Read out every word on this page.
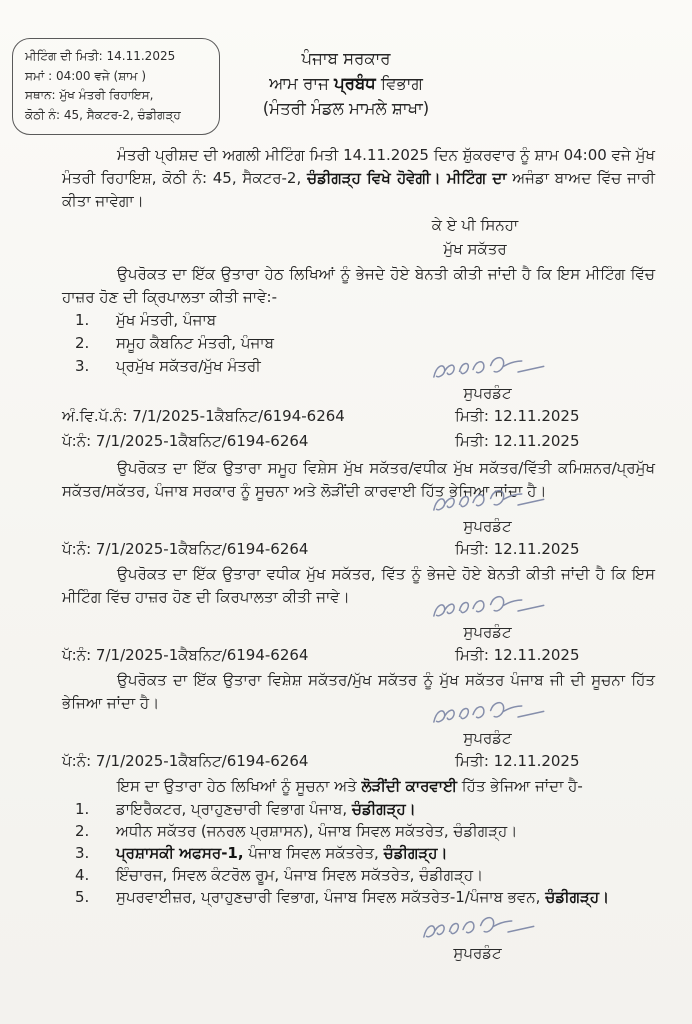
ਮੀਟਿੰਗ ਦੀ ਮਿਤੀ: 14.11.2025
ਸਮਾਂ : 04:00 ਵਜੇ (ਸ਼ਾਮ )
ਸਥਾਨ: ਮੁੱਖ ਮੰਤਰੀ ਰਿਹਾਇਸ,
ਕੋਠੀ ਨੰ: 45, ਸੈਕਟਰ-2, ਚੰਡੀਗੜ੍ਹ
ਪੰਜਾਬ ਸਰਕਾਰ
ਆਮ ਰਾਜ ਪ੍ਰਬੰਧ ਵਿਭਾਗ
(ਮੰਤਰੀ ਮੰਡਲ ਮਾਮਲੇ ਸ਼ਾਖਾ)

ਮੰਤਰੀ ਪ੍ਰੀਸ਼ਦ ਦੀ ਅਗਲੀ ਮੀਟਿੰਗ ਮਿਤੀ 14.11.2025 ਦਿਨ ਸ਼ੁੱਕਰਵਾਰ ਨੂੰ ਸ਼ਾਮ 04:00 ਵਜੇ ਮੁੱਖ ਮੰਤਰੀ ਰਿਹਾਇਸ਼, ਕੋਠੀ ਨੰ: 45, ਸੈਕਟਰ-2, ਚੰਡੀਗੜ੍ਹ ਵਿਖੇ ਹੋਵੇਗੀ। ਮੀਟਿੰਗ ਦਾ ਅਜੰਡਾ ਬਾਅਦ ਵਿੱਚ ਜਾਰੀ ਕੀਤਾ ਜਾਵੇਗਾ।

ਕੇ ਏ ਪੀ ਸਿਨਹਾ
ਮੁੱਖ ਸਕੱਤਰ

ਉਪਰੋਕਤ ਦਾ ਇੱਕ ਉਤਾਰਾ ਹੇਠ ਲਿਖਿਆਂ ਨੂੰ ਭੇਜਦੇ ਹੋਏ ਬੇਨਤੀ ਕੀਤੀ ਜਾਂਦੀ ਹੈ ਕਿ ਇਸ ਮੀਟਿੰਗ ਵਿੱਚ ਹਾਜ਼ਰ ਹੋਣ ਦੀ ਕ੍ਰਿਪਾਲਤਾ ਕੀਤੀ ਜਾਵੇ:-

1.	ਮੁੱਖ ਮੰਤਰੀ, ਪੰਜਾਬ
2.	ਸਮੂਹ ਕੈਬਨਿਟ ਮੰਤਰੀ, ਪੰਜਾਬ
3.	ਪ੍ਰਮੁੱਖ ਸਕੱਤਰ/ਮੁੱਖ ਮੰਤਰੀ
ਸੁਪਰਡੰਟ
ਅੰ.ਵਿ.ਪੱ.ਨੰ: 7/1/2025-1ਕੈਬਨਿਟ/6194-6264	ਮਿਤੀ: 12.11.2025
ਪੱ:ਨੰ: 7/1/2025-1ਕੈਬਨਿਟ/6194-6264	ਮਿਤੀ: 12.11.2025

ਉਪਰੋਕਤ ਦਾ ਇੱਕ ਉਤਾਰਾ ਸਮੂਹ ਵਿਸ਼ੇਸ ਮੁੱਖ ਸਕੱਤਰ/ਵਧੀਕ ਮੁੱਖ ਸਕੱਤਰ/ਵਿੱਤੀ ਕਮਿਸ਼ਨਰ/ਪ੍ਰਮੁੱਖ ਸਕੱਤਰ/ਸਕੱਤਰ, ਪੰਜਾਬ ਸਰਕਾਰ ਨੂੰ ਸੂਚਨਾ ਅਤੇ ਲੋੜੀਂਦੀ ਕਾਰਵਾਈ ਹਿੱਤ ਭੇਜਿਆ ਜਾਂਦਾ ਹੈ।

ਸੁਪਰਡੰਟ
ਪੱ:ਨੰ: 7/1/2025-1ਕੈਬਨਿਟ/6194-6264	ਮਿਤੀ: 12.11.2025

ਉਪਰੋਕਤ ਦਾ ਇੱਕ ਉਤਾਰਾ ਵਧੀਕ ਮੁੱਖ ਸਕੱਤਰ, ਵਿੱਤ ਨੂੰ ਭੇਜਦੇ ਹੋਏ ਬੇਨਤੀ ਕੀਤੀ ਜਾਂਦੀ ਹੈ ਕਿ ਇਸ ਮੀਟਿੰਗ ਵਿੱਚ ਹਾਜ਼ਰ ਹੋਣ ਦੀ ਕਿਰਪਾਲਤਾ ਕੀਤੀ ਜਾਵੇ।

ਸੁਪਰਡੰਟ
ਪੱ:ਨੰ: 7/1/2025-1ਕੈਬਨਿਟ/6194-6264	ਮਿਤੀ: 12.11.2025

ਉਪਰੋਕਤ ਦਾ ਇੱਕ ਉਤਾਰਾ ਵਿਸ਼ੇਸ਼ ਸਕੱਤਰ/ਮੁੱਖ ਸਕੱਤਰ ਨੂੰ ਮੁੱਖ ਸਕੱਤਰ ਪੰਜਾਬ ਜੀ ਦੀ ਸੂਚਨਾ ਹਿੱਤ ਭੇਜਿਆ ਜਾਂਦਾ ਹੈ।

ਸੁਪਰਡੰਟ
ਪੱ:ਨੰ: 7/1/2025-1ਕੈਬਨਿਟ/6194-6264	ਮਿਤੀ: 12.11.2025

ਇਸ ਦਾ ਉਤਾਰਾ ਹੇਠ ਲਿਖਿਆਂ ਨੂੰ ਸੂਚਨਾ ਅਤੇ ਲੋੜੀਂਦੀ ਕਾਰਵਾਈ ਹਿੱਤ ਭੇਜਿਆ ਜਾਂਦਾ ਹੈ-

1.	ਡਾਇਰੈਕਟਰ, ਪ੍ਰਾਹੁਣਚਾਰੀ ਵਿਭਾਗ ਪੰਜਾਬ, ਚੰਡੀਗੜ੍ਹ।
2.	ਅਧੀਨ ਸਕੱਤਰ (ਜਨਰਲ ਪ੍ਰਸ਼ਾਸਨ), ਪੰਜਾਬ ਸਿਵਲ ਸਕੱਤਰੇਤ, ਚੰਡੀਗੜ੍ਹ।
3.	ਪ੍ਰਸ਼ਾਸਕੀ ਅਫਸਰ-1, ਪੰਜਾਬ ਸਿਵਲ ਸਕੱਤਰੇਤ, ਚੰਡੀਗੜ੍ਹ।
4.	ਇੰਚਾਰਜ, ਸਿਵਲ ਕੰਟਰੋਲ ਰੂਮ, ਪੰਜਾਬ ਸਿਵਲ ਸਕੱਤਰੇਤ, ਚੰਡੀਗੜ੍ਹ।
5.	ਸੁਪਰਵਾਈਜ਼ਰ, ਪ੍ਰਾਹੁਣਚਾਰੀ ਵਿਭਾਗ, ਪੰਜਾਬ ਸਿਵਲ ਸਕੱਤਰੇਤ-1/ਪੰਜਾਬ ਭਵਨ, ਚੰਡੀਗੜ੍ਹ।
ਸੁਪਰਡੰਟ
